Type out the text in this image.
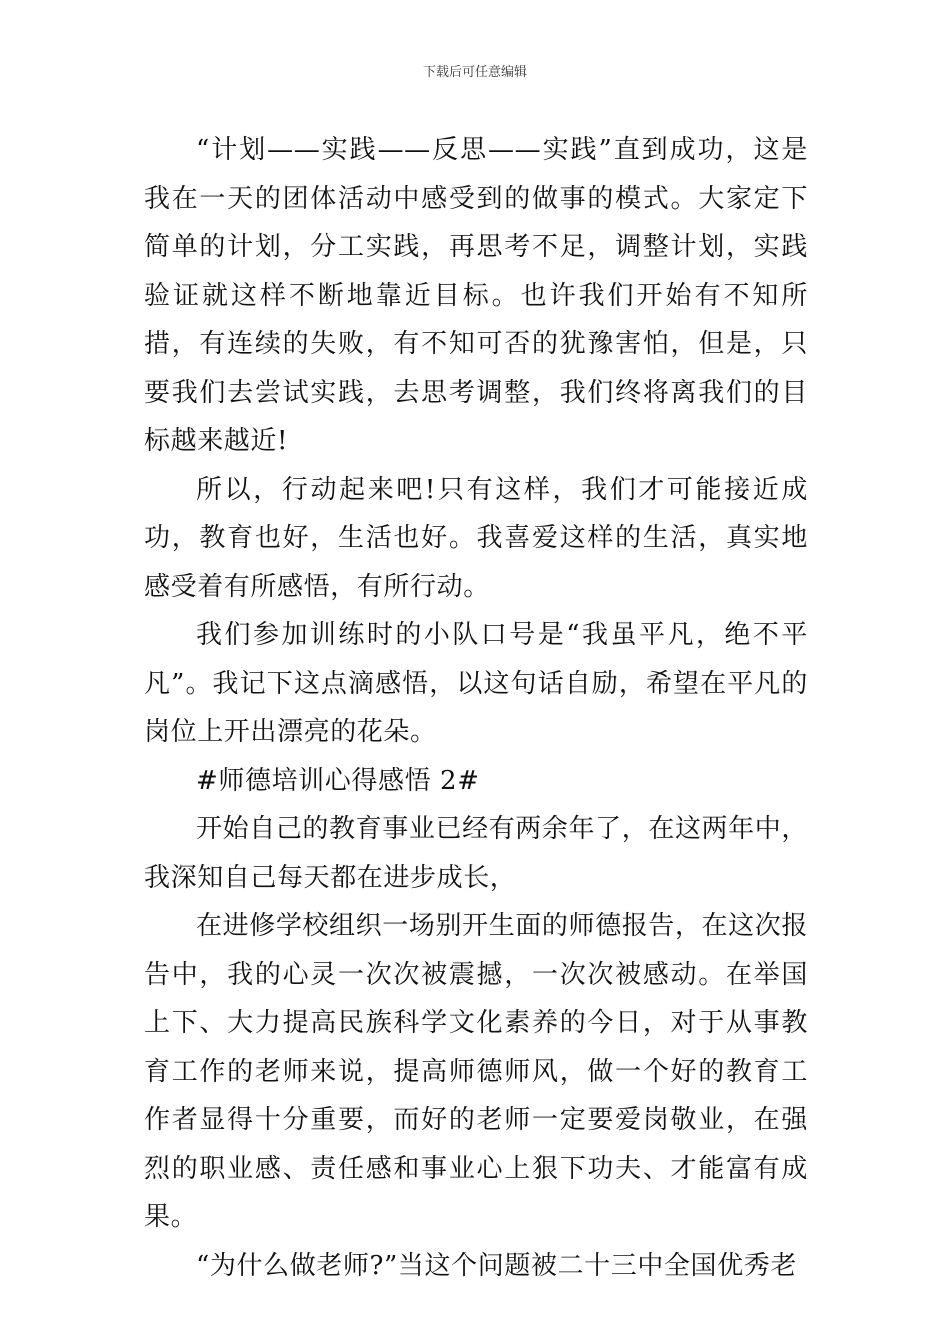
下载后可任意编辑

“计划——实践——反思——实践”直到成功，这是我在一天的团体活动中感受到的做事的模式。大家定下简单的计划，分工实践，再思考不足，调整计划，实践验证就这样不断地靠近目标。也许我们开始有不知所措，有连续的失败，有不知可否的犹豫害怕，但是，只要我们去尝试实践，去思考调整，我们终将离我们的目标越来越近!

所以，行动起来吧!只有这样，我们才可能接近成功，教育也好，生活也好。我喜爱这样的生活，真实地感受着有所感悟，有所行动。

我们参加训练时的小队口号是“我虽平凡，绝不平凡”。我记下这点滴感悟，以这句话自励，希望在平凡的岗位上开出漂亮的花朵。

#师德培训心得感悟 2#

开始自己的教育事业已经有两余年了，在这两年中，我深知自己每天都在进步成长，

在进修学校组织一场别开生面的师德报告，在这次报告中，我的心灵一次次被震撼，一次次被感动。在举国上下、大力提高民族科学文化素养的今日，对于从事教育工作的老师来说，提高师德师风，做一个好的教育工作者显得十分重要，而好的老师一定要爱岗敬业，在强烈的职业感、责任感和事业心上狠下功夫、才能富有成果。

“为什么做老师?”当这个问题被二十三中全国优秀老
